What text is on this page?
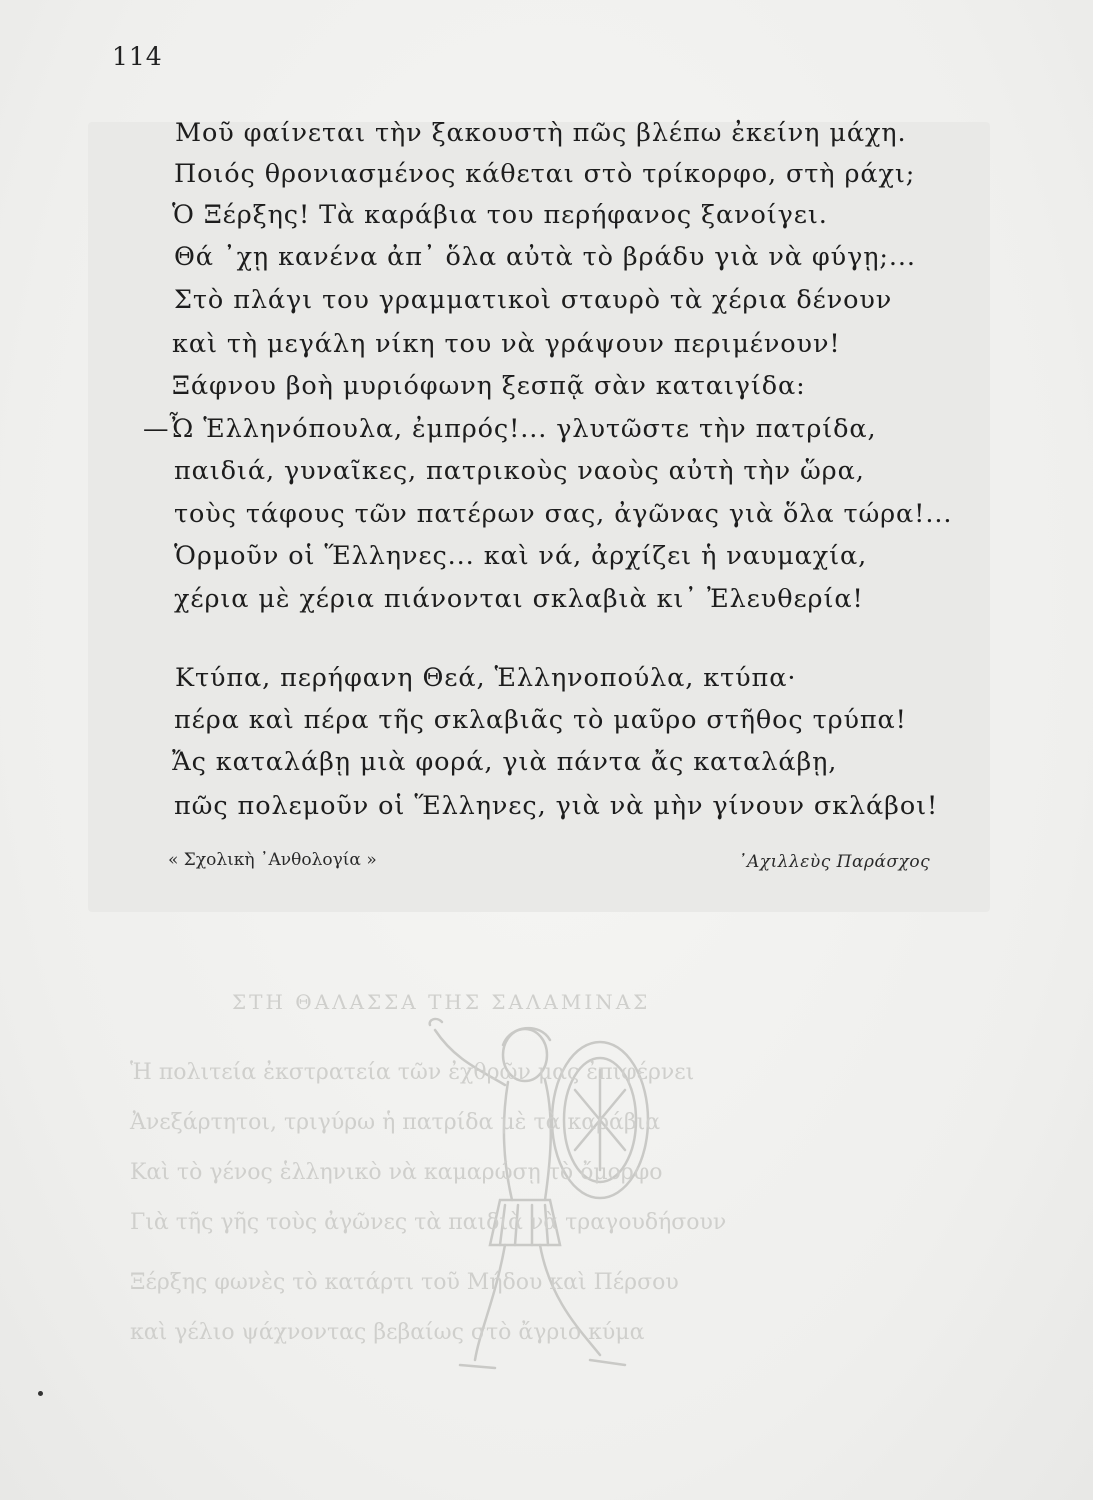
ΣΤΗ ΘΑΛΑΣΣΑ ΤΗΣ ΣΑΛΑΜΙΝΑΣ
Ἡ πολιτεία ἐκστρατεία τῶν ἐχθρῶν μας ἐπιφέρνει
Ἀνεξάρτητοι, τριγύρω ἡ πατρίδα μὲ τὰ καράβια
Καὶ τὸ γένος ἑλληνικὸ νὰ καμαρώσῃ τὸ ὄμορφο
Γιὰ τῆς γῆς τοὺς ἀγῶνες τὰ παιδιὰ νὰ τραγουδήσουν
Ξέρξης φωνὲς τὸ κατάρτι τοῦ Μήδου καὶ Πέρσου
καὶ γέλιο ψάχνοντας βεβαίως στὸ ἄγριο κύμα
114
Μοῦ φαίνεται τὴν ξακουστὴ πῶς βλέπω ἐκείνη μάχη.
Ποιός θρονιασμένος κάθεται στὸ τρίκορφο, στὴ ράχι;
Ὁ Ξέρξης! Τὰ καράβια του περήφανος ξανοίγει.
Θά ᾽χῃ κανένα ἀπ᾽ ὅλα αὐτὰ τὸ βράδυ γιὰ νὰ φύγῃ;...
Στὸ πλάγι του γραμματικοὶ σταυρὸ τὰ χέρια δένουν
καὶ τὴ μεγάλη νίκη του νὰ γράψουν περιμένουν!
Ξάφνου βοὴ μυριόφωνη ξεσπᾷ σὰν καταιγίδα:
—Ὦ Ἑλληνόπουλα, ἐμπρός!... γλυτῶστε τὴν πατρίδα,
παιδιά, γυναῖκες, πατρικοὺς ναοὺς αὐτὴ τὴν ὥρα,
τοὺς τάφους τῶν πατέρων σας, ἀγῶνας γιὰ ὅλα τώρα!...
Ὁρμοῦν οἱ Ἕλληνες... καὶ νά, ἀρχίζει ἡ ναυμαχία,
χέρια μὲ χέρια πιάνονται σκλαβιὰ κι᾽ Ἐλευθερία!
Κτύπα, περήφανη Θεά, Ἑλληνοπούλα, κτύπα·
πέρα καὶ πέρα τῆς σκλαβιᾶς τὸ μαῦρο στῆθος τρύπα!
Ἄς καταλάβῃ μιὰ φορά, γιὰ πάντα ἄς καταλάβῃ,
πῶς πολεμοῦν οἱ Ἕλληνες, γιὰ νὰ μὴν γίνουν σκλάβοι!
« Σχολικὴ ᾽Ανθολογία »	᾽Αχιλλεὺς Παράσχος
